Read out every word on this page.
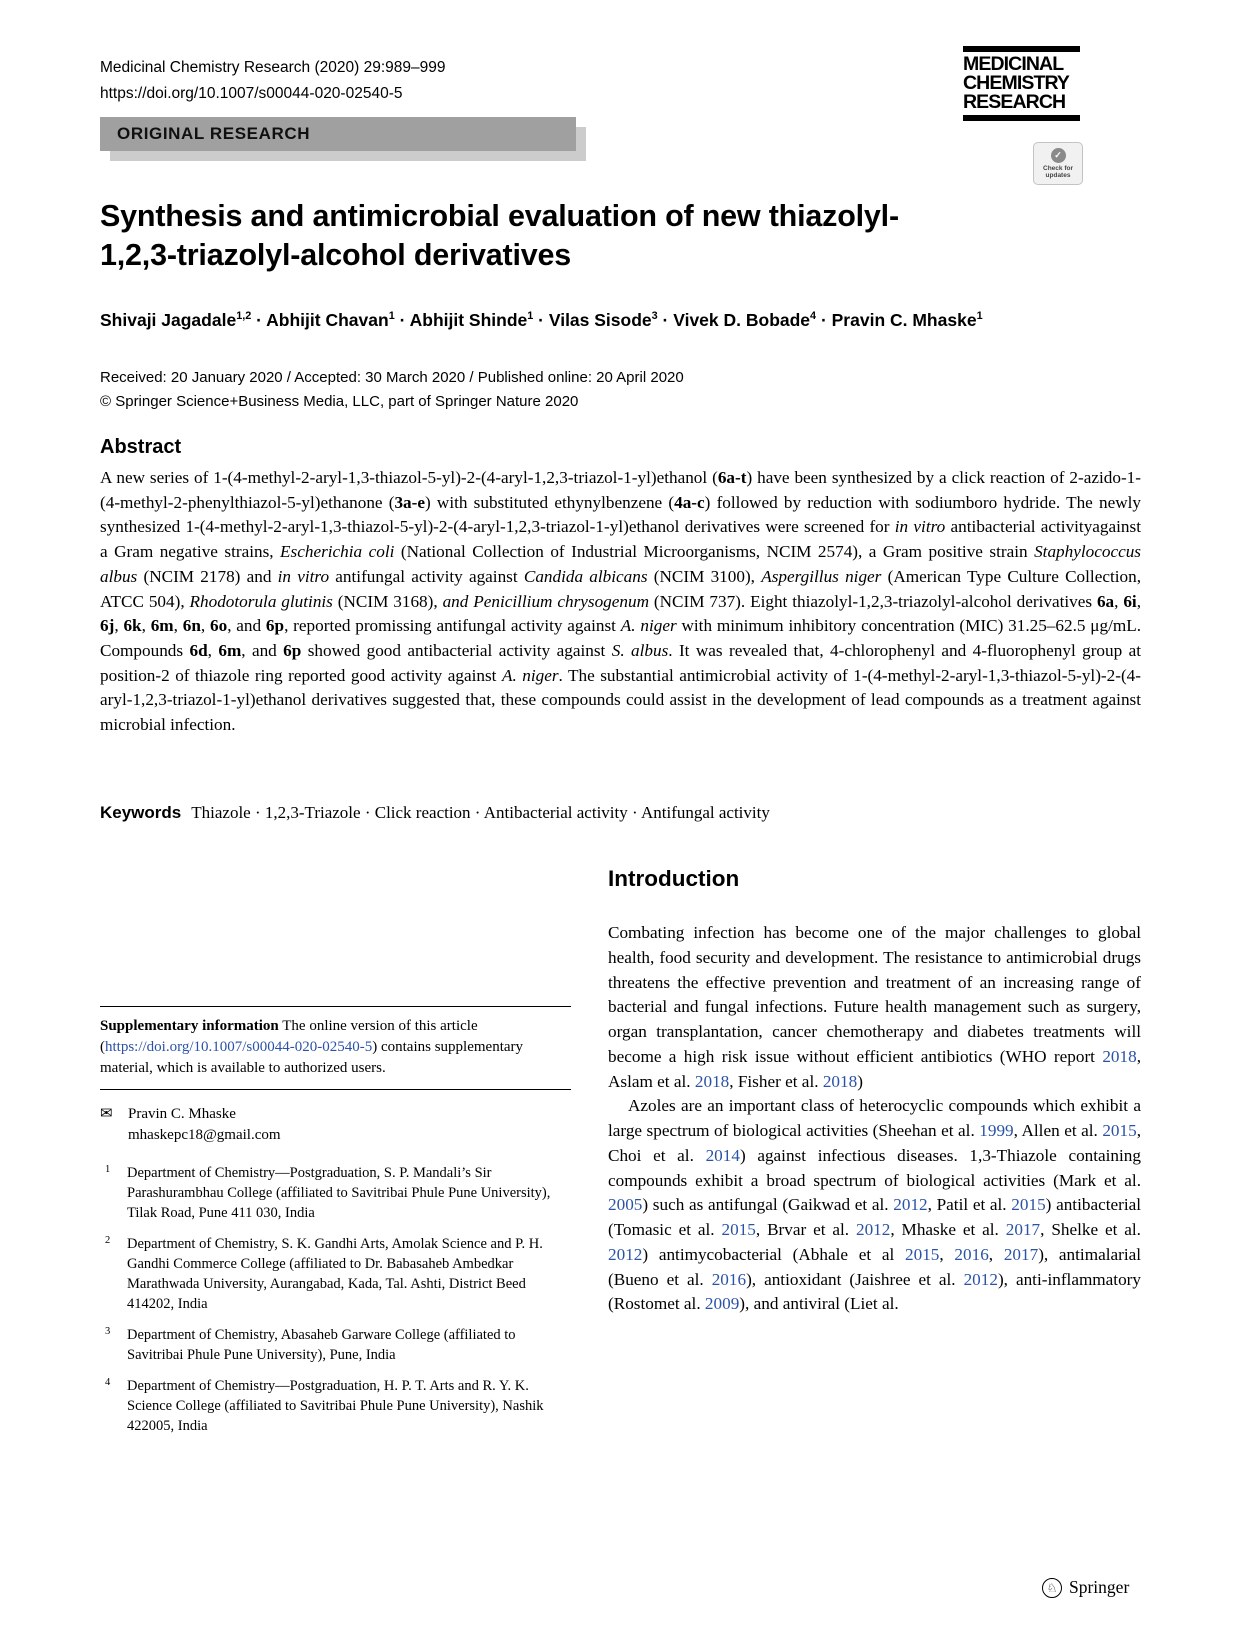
Medicinal Chemistry Research (2020) 29:989–999
https://doi.org/10.1007/s00044-020-02540-5
ORIGINAL RESEARCH
MEDICINAL
CHEMISTRY
RESEARCH
✓
Check for
updates
Synthesis and antimicrobial evaluation of new thiazolyl-1,2,3-triazolyl-alcohol derivatives

Shivaji Jagadale$^{1,2}$ · Abhijit Chavan$^1$ · Abhijit Shinde$^1$ · Vilas Sisode$^3$ · Vivek D. Bobade$^4$ · Pravin C. Mhaske$^1$

Received: 20 January 2020 / Accepted: 30 March 2020 / Published online: 20 April 2020
© Springer Science+Business Media, LLC, part of Springer Nature 2020
Abstract

A new series of 1-(4-methyl-2-aryl-1,3-thiazol-5-yl)-2-(4-aryl-1,2,3-triazol-1-yl)ethanol (6a-t) have been synthesized by a click reaction of 2-azido-1-(4-methyl-2-phenylthiazol-5-yl)ethanone (3a-e) with substituted ethynylbenzene (4a-c) followed by reduction with sodiumboro hydride. The newly synthesized 1-(4-methyl-2-aryl-1,3-thiazol-5-yl)-2-(4-aryl-1,2,3-triazol-1-yl)ethanol derivatives were screened for in vitro antibacterial activityagainst a Gram negative strains, Escherichia coli (National Collection of Industrial Microorganisms, NCIM 2574), a Gram positive strain Staphylococcus albus (NCIM 2178) and in vitro antifungal activity against Candida albicans (NCIM 3100), Aspergillus niger (American Type Culture Collection, ATCC 504), Rhodotorula glutinis (NCIM 3168), and Penicillium chrysogenum (NCIM 737). Eight thiazolyl-1,2,3-triazolyl-alcohol derivatives 6a, 6i, 6j, 6k, 6m, 6n, 6o, and 6p, reported promissing antifungal activity against A. niger with minimum inhibitory concentration (MIC) 31.25–62.5 μg/mL. Compounds 6d, 6m, and 6p showed good antibacterial activity against S. albus. It was revealed that, 4-chlorophenyl and 4-fluorophenyl group at position-2 of thiazole ring reported good activity against A. niger. The substantial antimicrobial activity of 1-(4-methyl-2-aryl-1,3-thiazol-5-yl)-2-(4-aryl-1,2,3-triazol-1-yl)ethanol derivatives suggested that, these compounds could assist in the development of lead compounds as a treatment against microbial infection.

Keywords Thiazole · 1,2,3-Triazole · Click reaction · Antibacterial activity · Antifungal activity

Supplementary information The online version of this article (https://doi.org/10.1007/s00044-020-02540-5) contains supplementary material, which is available to authorized users.

✉	Pravin C. Mhaske
mhaskepc18@gmail.com
1 Department of Chemistry—Postgraduation, S. P. Mandali’s Sir Parashurambhau College (affiliated to Savitribai Phule Pune University), Tilak Road, Pune 411 030, India
2 Department of Chemistry, S. K. Gandhi Arts, Amolak Science and P. H. Gandhi Commerce College (affiliated to Dr. Babasaheb Ambedkar Marathwada University, Aurangabad, Kada, Tal. Ashti, District Beed 414202, India
3 Department of Chemistry, Abasaheb Garware College (affiliated to Savitribai Phule Pune University), Pune, India
4 Department of Chemistry—Postgraduation, H. P. T. Arts and R. Y. K. Science College (affiliated to Savitribai Phule Pune University), Nashik 422005, India
Introduction

Combating infection has become one of the major challenges to global health, food security and development. The resistance to antimicrobial drugs threatens the effective prevention and treatment of an increasing range of bacterial and fungal infections. Future health management such as surgery, organ transplantation, cancer chemotherapy and diabetes treatments will become a high risk issue without efficient antibiotics (WHO report 2018, Aslam et al. 2018, Fisher et al. 2018)

Azoles are an important class of heterocyclic compounds which exhibit a large spectrum of biological activities (Sheehan et al. 1999, Allen et al. 2015, Choi et al. 2014) against infectious diseases. 1,3-Thiazole containing compounds exhibit a broad spectrum of biological activities (Mark et al. 2005) such as antifungal (Gaikwad et al. 2012, Patil et al. 2015) antibacterial (Tomasic et al. 2015, Brvar et al. 2012, Mhaske et al. 2017, Shelke et al. 2012) antimycobacterial (Abhale et al 2015, 2016, 2017), antimalarial (Bueno et al. 2016), antioxidant (Jaishree et al. 2012), anti-inflammatory (Rostomet al. 2009), and antiviral (Liet al.

♘ Springer
